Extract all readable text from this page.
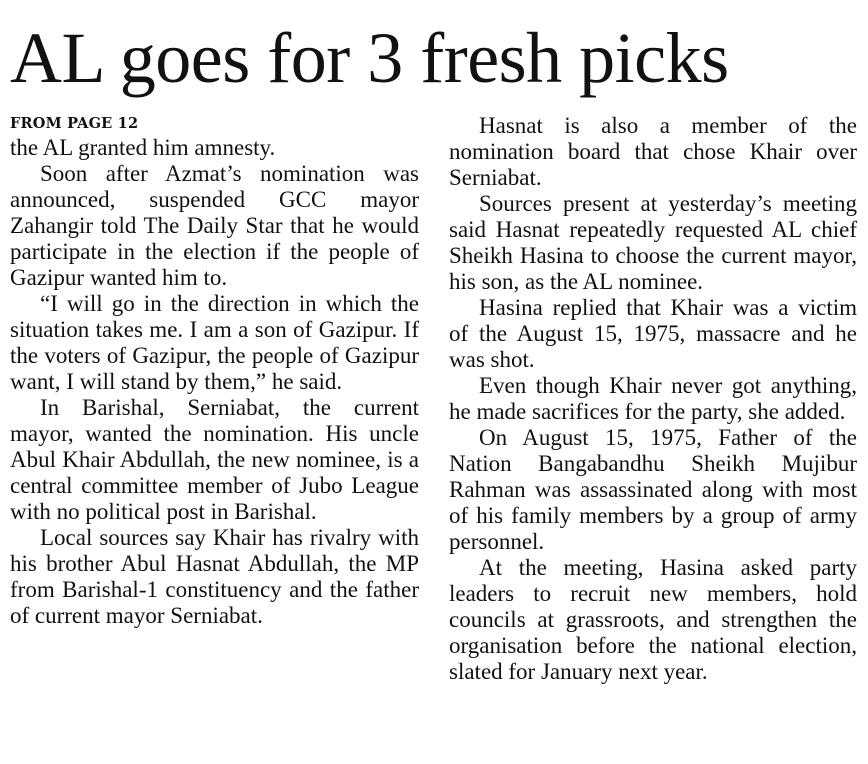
AL goes for 3 fresh picks
FROM PAGE 12

the AL granted him amnesty.

Soon after Azmat’s nomination was announced, suspended GCC mayor Zahangir told The Daily Star that he would participate in the election if the people of Gazipur wanted him to.

“I will go in the direction in which the situation takes me. I am a son of Gazipur. If the voters of Gazipur, the people of Gazipur want, I will stand by them,” he said.

In Barishal, Serniabat, the current mayor, wanted the nomination. His uncle Abul Khair Abdullah, the new nominee, is a central committee member of Jubo League with no political post in Barishal.

Local sources say Khair has rivalry with his brother Abul Hasnat Abdullah, the MP from Barishal-1 constituency and the father of current mayor Serniabat.

Hasnat is also a member of the nomination board that chose Khair over Serniabat.

Sources present at yesterday’s meeting said Hasnat repeatedly requested AL chief Sheikh Hasina to choose the current mayor, his son, as the AL nominee.

Hasina replied that Khair was a victim of the August 15, 1975, massacre and he was shot.

Even though Khair never got anything, he made sacrifices for the party, she added.

On August 15, 1975, Father of the Nation Bangabandhu Sheikh Mujibur Rahman was assassinated along with most of his family members by a group of army personnel.

At the meeting, Hasina asked party leaders to recruit new members, hold councils at grassroots, and strengthen the organisation before the national election, slated for January next year.
